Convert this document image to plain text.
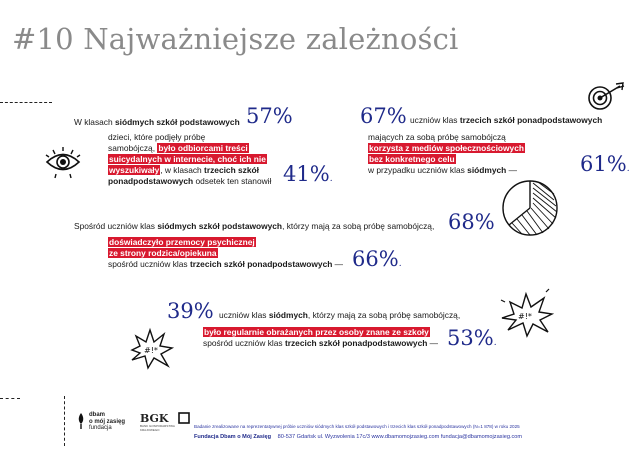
#10 Najważniejsze zależności
W klasach siódmych szkół podstawowych 57%
dzieci, które podjęły próbę
samobójczą, było odbiorcami treści
suicydalnych w internecie, choć ich nie
wyszukiwały, w klasach trzecich szkół
ponadpodstawowych odsetek ten stanowił 41%.
67% uczniów klas trzecich szkół ponadpodstawowych
mających za sobą próbę samobójczą
korzysta z mediów społecznościowych
bez konkretnego celu
w przypadku uczniów klas siódmych —	61%.
Spośród uczniów klas siódmych szkół podstawowych, którzy mają za sobą próbę samobójczą, 68%
doświadczyło przemocy psychicznej
ze strony rodzica/opiekuna
spośród uczniów klas trzecich szkół ponadpodstawowych — 66%.
39% uczniów klas siódmych, którzy mają za sobą próbę samobójczą,
było regularnie obrażanych przez osoby znane ze szkoły
spośród uczniów klas trzecich szkół ponadpodstawowych — 53%.
#!*
#!*
dbam
o mój zasięg
fundacja
BGK
BANK GOSPODARSTWA
KRAJOWEGO
Badanie zrealizowane na reprezentatywnej próbie uczniów siódmych klas szkół podstawowych i trzecich klas szkół ponadpodstawowych (N=1 878) w roku 2025
Fundacja Dbam o Mój Zasięg 80-537 Gdańsk ul. Wyzwolenia 17c/3 www.dbamomojzasieg.com fundacja@dbamomojzasieg.com
